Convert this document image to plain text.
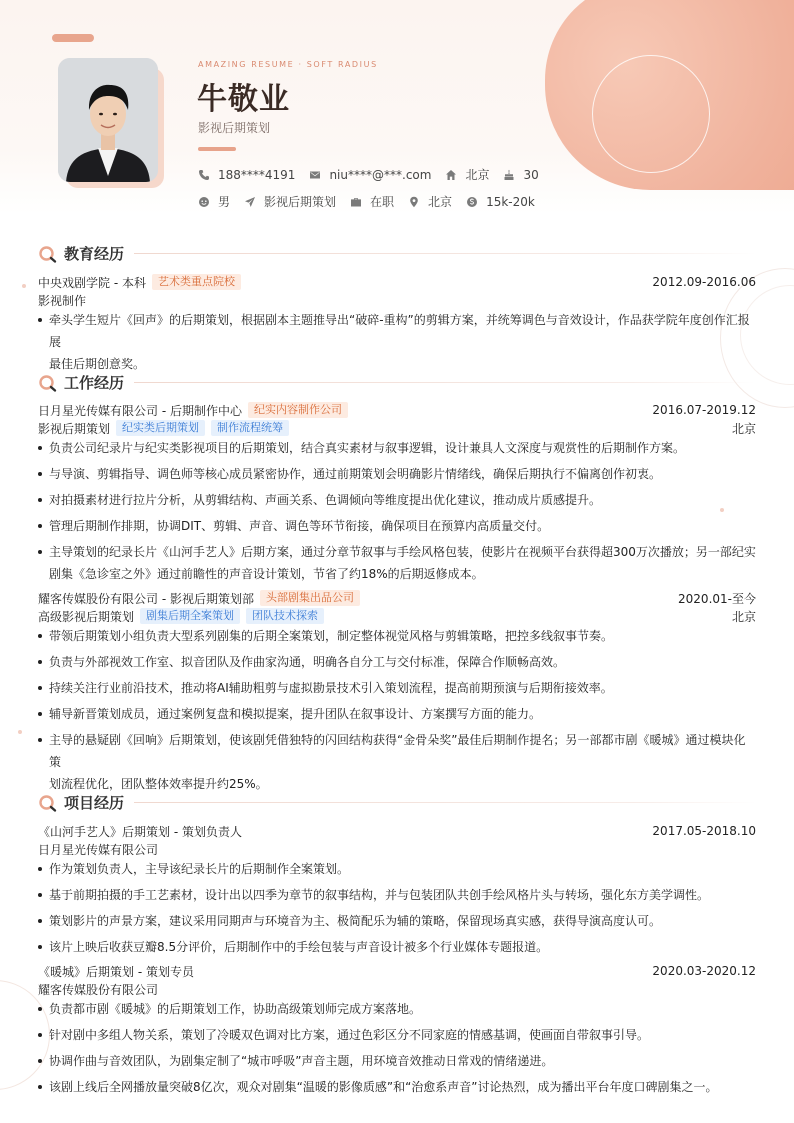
AMAZING RESUME · SOFT RADIUS
牛敬业
影视后期策划
188****4191	niu****@***.com	北京	30
男	影视后期策划	在职	北京	15k-20k
教育经历
中央戏剧学院 - 本科	艺术类重点院校	2012.09-2016.06
影视制作
牵头学生短片《回声》的后期策划，根据剧本主题推导出“破碎-重构”的剪辑方案，并统筹调色与音效设计，作品获学院年度创作汇报展
最佳后期创意奖。
工作经历
日月星光传媒有限公司 - 后期制作中心	纪实内容制作公司	2016.07-2019.12
影视后期策划	纪实类后期策划	制作流程统筹	北京
负责公司纪录片与纪实类影视项目的后期策划，结合真实素材与叙事逻辑，设计兼具人文深度与观赏性的后期制作方案。
与导演、剪辑指导、调色师等核心成员紧密协作，通过前期策划会明确影片情绪线，确保后期执行不偏离创作初衷。
对拍摄素材进行拉片分析，从剪辑结构、声画关系、色调倾向等维度提出优化建议，推动成片质感提升。
管理后期制作排期，协调DIT、剪辑、声音、调色等环节衔接，确保项目在预算内高质量交付。
主导策划的纪录长片《山河手艺人》后期方案，通过分章节叙事与手绘风格包装，使影片在视频平台获得超300万次播放；另一部纪实
剧集《急诊室之外》通过前瞻性的声音设计策划，节省了约18%的后期返修成本。
耀客传媒股份有限公司 - 影视后期策划部	头部剧集出品公司	2020.01-至今
高级影视后期策划	剧集后期全案策划	团队技术探索	北京
带领后期策划小组负责大型系列剧集的后期全案策划，制定整体视觉风格与剪辑策略，把控多线叙事节奏。
负责与外部视效工作室、拟音团队及作曲家沟通，明确各自分工与交付标准，保障合作顺畅高效。
持续关注行业前沿技术，推动将AI辅助粗剪与虚拟勘景技术引入策划流程，提高前期预演与后期衔接效率。
辅导新晋策划成员，通过案例复盘和模拟提案，提升团队在叙事设计、方案撰写方面的能力。
主导的悬疑剧《回响》后期策划，使该剧凭借独特的闪回结构获得“金骨朵奖”最佳后期制作提名；另一部都市剧《暖城》通过模块化策
划流程优化，团队整体效率提升约25%。
项目经历
《山河手艺人》后期策划 - 策划负责人	2017.05-2018.10
日月星光传媒有限公司
作为策划负责人，主导该纪录长片的后期制作全案策划。
基于前期拍摄的手工艺素材，设计出以四季为章节的叙事结构，并与包装团队共创手绘风格片头与转场，强化东方美学调性。
策划影片的声景方案，建议采用同期声与环境音为主、极简配乐为辅的策略，保留现场真实感，获得导演高度认可。
该片上映后收获豆瓣8.5分评价，后期制作中的手绘包装与声音设计被多个行业媒体专题报道。
《暖城》后期策划 - 策划专员	2020.03-2020.12
耀客传媒股份有限公司
负责都市剧《暖城》的后期策划工作，协助高级策划师完成方案落地。
针对剧中多组人物关系，策划了冷暖双色调对比方案，通过色彩区分不同家庭的情感基调，使画面自带叙事引导。
协调作曲与音效团队，为剧集定制了“城市呼吸”声音主题，用环境音效推动日常戏的情绪递进。
该剧上线后全网播放量突破8亿次，观众对剧集“温暖的影像质感”和“治愈系声音”讨论热烈，成为播出平台年度口碑剧集之一。
